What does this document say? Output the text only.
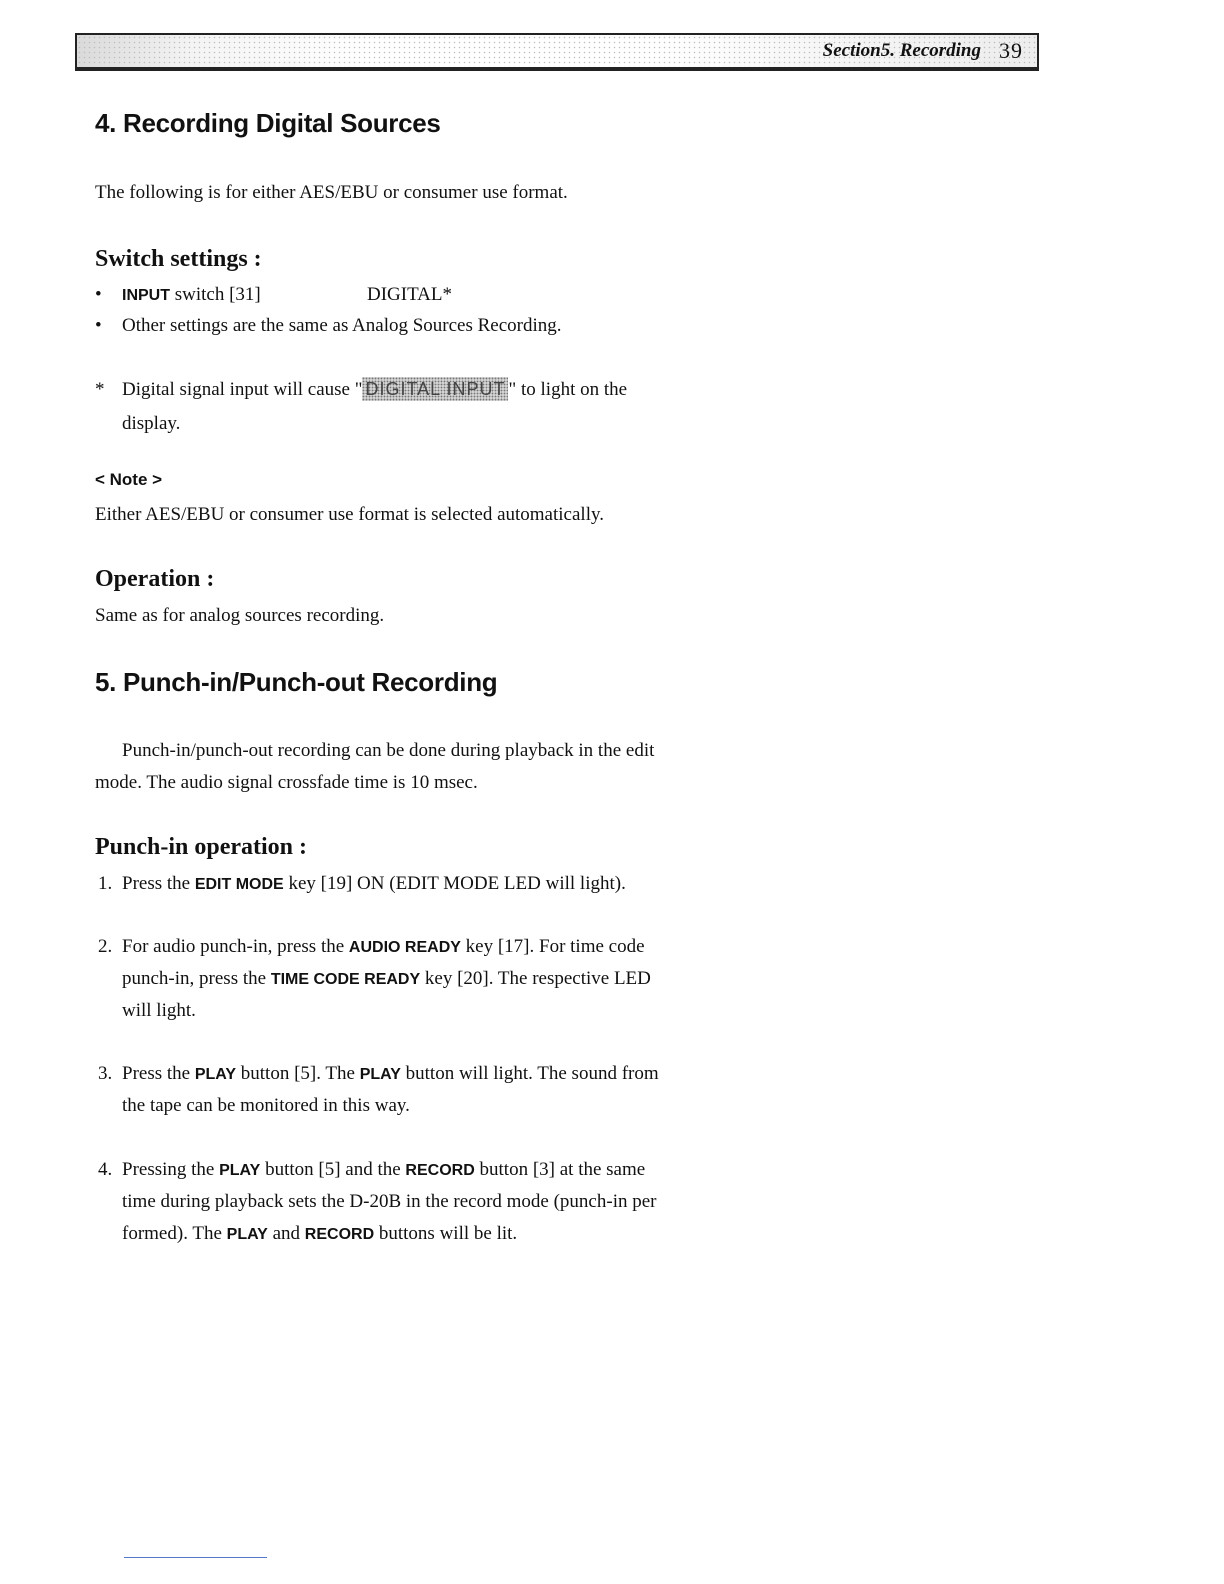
Section5. Recording 39
4. Recording Digital Sources

The following is for either AES/EBU or consumer use format.

Switch settings :
• INPUT switch [31]	DIGITAL*

• Other settings are the same as Analog Sources Recording.

* Digital signal input will cause " DIGITAL INPUT " to light on the

display.

< Note >

Either AES/EBU or consumer use format is selected automatically.

Operation :

Same as for analog sources recording.

5. Punch-in/Punch-out Recording

Punch-in/punch-out recording can be done during playback in the edit

mode. The audio signal crossfade time is 10 msec.

Punch-in operation :
1. Press the EDIT MODE key [19] ON (EDIT MODE LED will light).

2. For audio punch-in, press the AUDIO READY key [17]. For time code

punch-in, press the TIME CODE READY key [20]. The respective LED

will light.

3. Press the PLAY button [5]. The PLAY button will light. The sound from

the tape can be monitored in this way.

4. Pressing the PLAY button [5] and the RECORD button [3] at the same

time during playback sets the D-20B in the record mode (punch-in per

formed). The PLAY and RECORD buttons will be lit.
